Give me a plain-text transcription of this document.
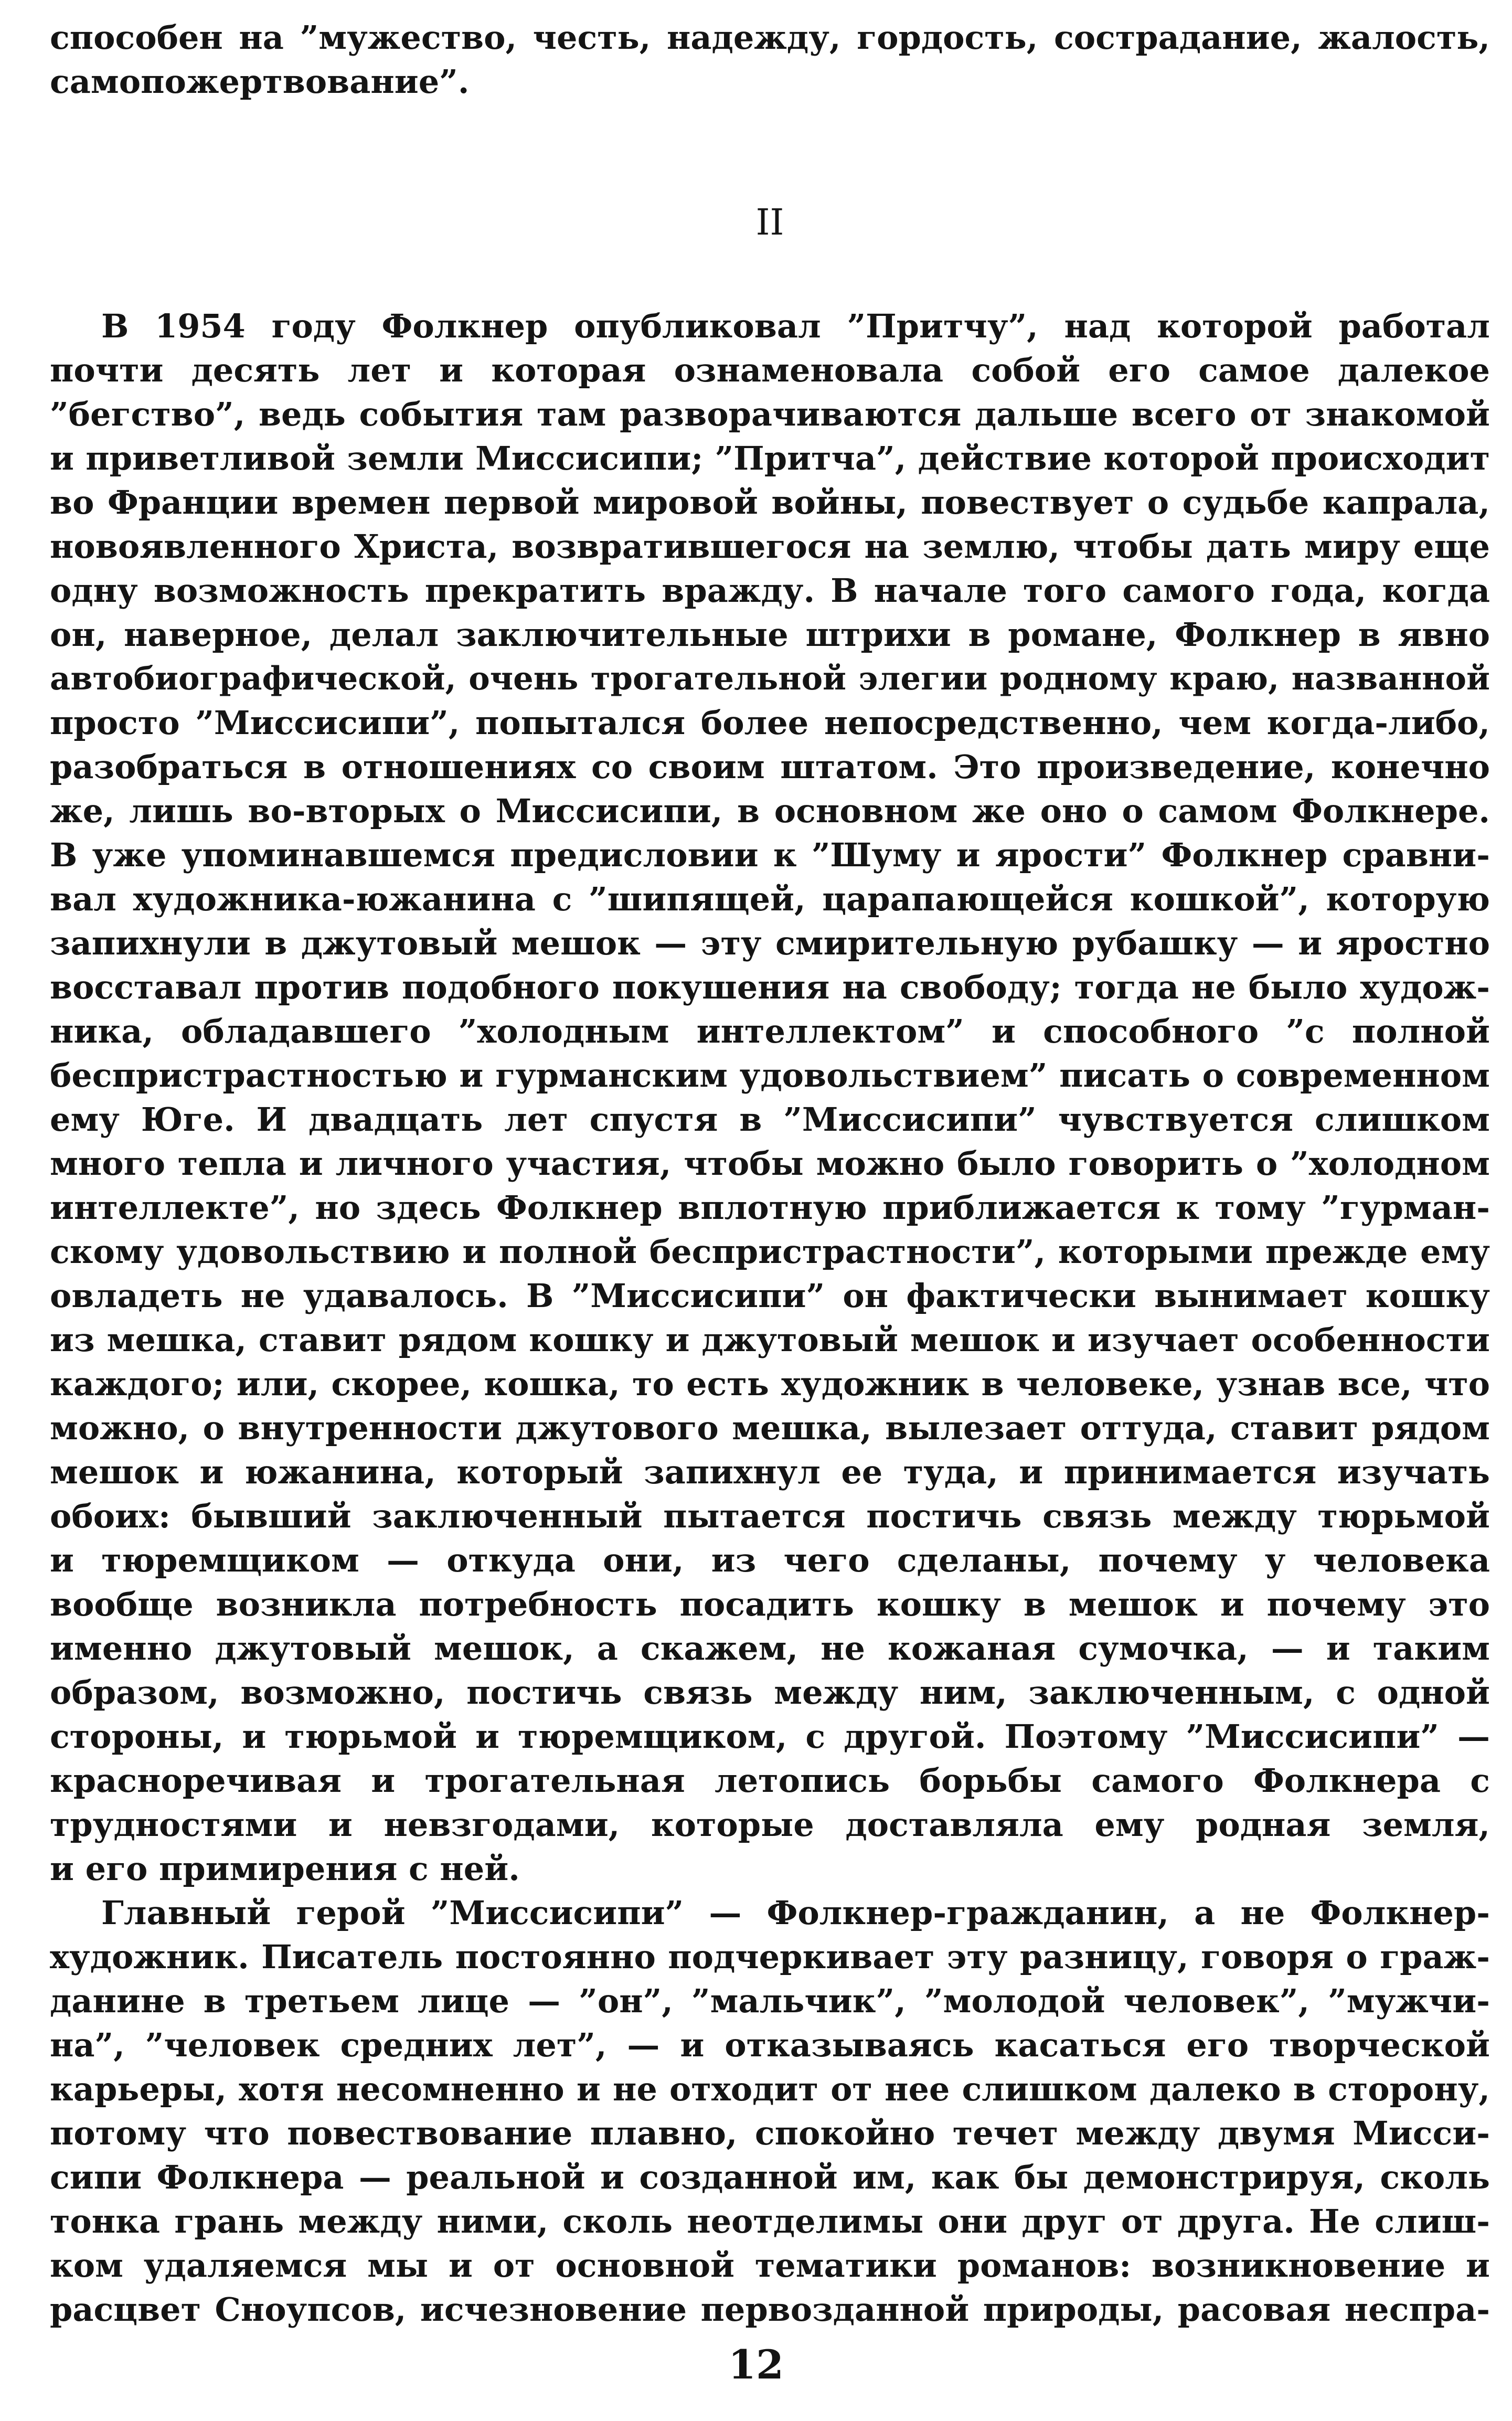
способен на ”мужество, честь, надежду, гордость, сострадание, жалость,
самопожертвование”.
II
В 1954 году Фолкнер опубликовал ”Притчу”, над которой работал
почти десять лет и которая ознаменовала собой его самое далекое
”бегство”, ведь события там разворачиваются дальше всего от знакомой
и приветливой земли Миссисипи; ”Притча”, действие которой происходит
во Франции времен первой мировой войны, повествует о судьбе капрала,
новоявленного Христа, возвратившегося на землю, чтобы дать миру еще
одну возможность прекратить вражду. В начале того самого года, когда
он, наверное, делал заключительные штрихи в романе, Фолкнер в явно
автобиографической, очень трогательной элегии родному краю, названной
просто ”Миссисипи”, попытался более непосредственно, чем когда-либо,
разобраться в отношениях со своим штатом. Это произведение, конечно
же, лишь во-вторых о Миссисипи, в основном же оно о самом Фолкнере.
В уже упоминавшемся предисловии к ”Шуму и ярости” Фолкнер сравни-
вал художника-южанина с ”шипящей, царапающейся кошкой”, которую
запихнули в джутовый мешок — эту смирительную рубашку — и яростно
восставал против подобного покушения на свободу; тогда не было худож-
ника, обладавшего ”холодным интеллектом” и способного ”с полной
беспристрастностью и гурманским удовольствием” писать о современном
ему Юге. И двадцать лет спустя в ”Миссисипи” чувствуется слишком
много тепла и личного участия, чтобы можно было говорить о ”холодном
интеллекте”, но здесь Фолкнер вплотную приближается к тому ”гурман-
скому удовольствию и полной беспристрастности”, которыми прежде ему
овладеть не удавалось. В ”Миссисипи” он фактически вынимает кошку
из мешка, ставит рядом кошку и джутовый мешок и изучает особенности
каждого; или, скорее, кошка, то есть художник в человеке, узнав все, что
можно, о внутренности джутового мешка, вылезает оттуда, ставит рядом
мешок и южанина, который запихнул ее туда, и принимается изучать
обоих: бывший заключенный пытается постичь связь между тюрьмой
и тюремщиком — откуда они, из чего сделаны, почему у человека
вообще возникла потребность посадить кошку в мешок и почему это
именно джутовый мешок, а скажем, не кожаная сумочка, — и таким
образом, возможно, постичь связь между ним, заключенным, с одной
стороны, и тюрьмой и тюремщиком, с другой. Поэтому ”Миссисипи” —
красноречивая и трогательная летопись борьбы самого Фолкнера с
трудностями и невзгодами, которые доставляла ему родная земля,
и его примирения с ней.
Главный герой ”Миссисипи” — Фолкнер-гражданин, а не Фолкнер-
художник. Писатель постоянно подчеркивает эту разницу, говоря о граж-
данине в третьем лице — ”он”, ”мальчик”, ”молодой человек”, ”мужчи-
на”, ”человек средних лет”, — и отказываясь касаться его творческой
карьеры, хотя несомненно и не отходит от нее слишком далеко в сторону,
потому что повествование плавно, спокойно течет между двумя Мисси-
сипи Фолкнера — реальной и созданной им, как бы демонстрируя, сколь
тонка грань между ними, сколь неотделимы они друг от друга. Не слиш-
ком удаляемся мы и от основной тематики романов: возникновение и
расцвет Сноупсов, исчезновение первозданной природы, расовая неспра-
12
